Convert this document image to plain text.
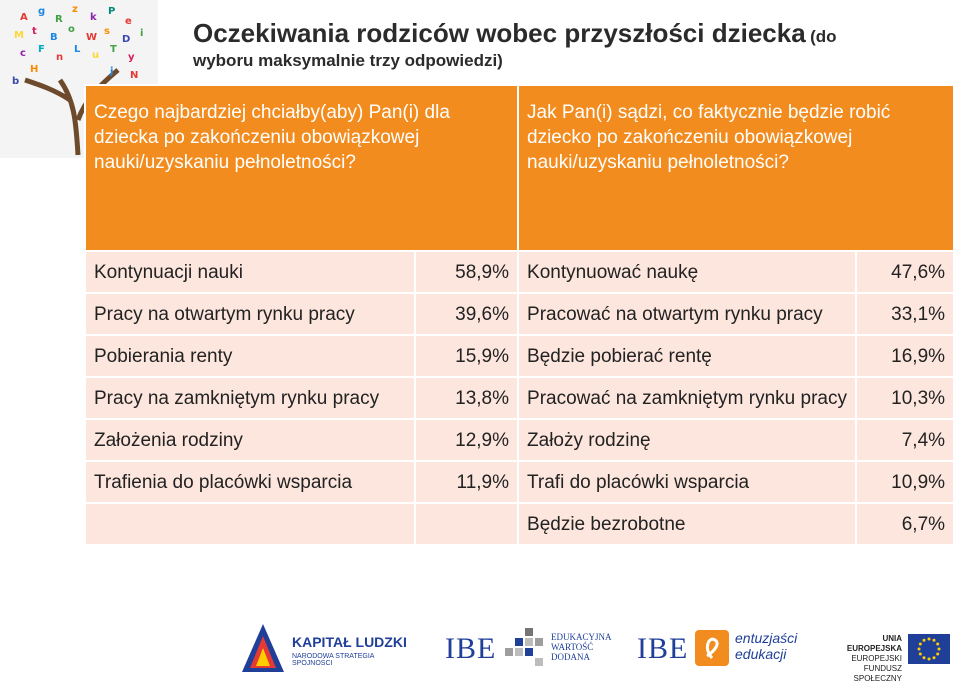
A
g
R
z
k
P
e
M t
B
o
W
s
D
i
c F
n
L
u
T
y
H	j N
b
Oczekiwania rodziców wobec przyszłości dziecka (do
wyboru maksymalnie trzy odpowiedzi)
Czego najbardziej chciałby(aby) Pan(i) dla dziecka po zakończeniu obowiązkowej nauki/uzyskaniu pełnoletności?		Jak Pan(i) sądzi, co faktycznie będzie robić dziecko po zakończeniu obowiązkowej nauki/uzyskaniu pełnoletności?	
Kontynuacji nauki	58,9%	Kontynuować naukę	47,6%
Pracy na otwartym rynku pracy	39,6%	Pracować na otwartym rynku pracy	33,1%
Pobierania renty	15,9%	Będzie pobierać rentę	16,9%
Pracy na zamkniętym rynku pracy	13,8%	Pracować na zamkniętym rynku pracy	10,3%
Założenia rodziny	12,9%	Założy rodzinę	7,4%
Trafienia do placówki wsparcia	11,9%	Trafi do placówki wsparcia	10,9%
		Będzie bezrobotne	6,7%
KAPITAŁ LUDZKI
NARODOWA STRATEGIA SPÓJNOŚCI	IBE	EDUKACYJNA
WARTOŚĆ
DODANA	IBE	entuzjaści
edukacji
UNIA EUROPEJSKA
EUROPEJSKI
FUNDUSZ SPOŁECZNY
